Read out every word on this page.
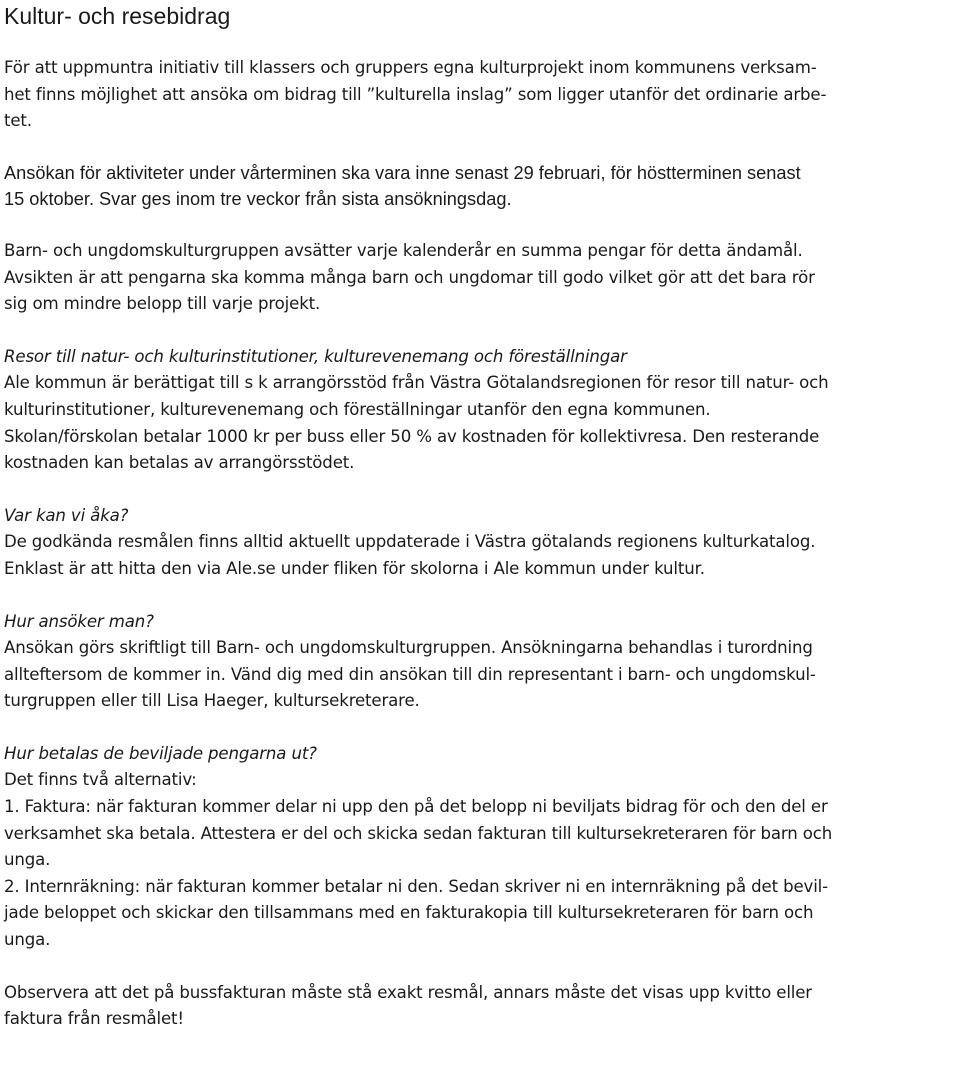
Kultur- och resebidrag
För att uppmuntra initiativ till klassers och gruppers egna kulturprojekt inom kommunens verksam-
het finns möjlighet att ansöka om bidrag till ”kulturella inslag” som ligger utanför det ordinarie arbe-
tet.
Ansökan för aktiviteter under vårterminen ska vara inne senast 29 februari, för höstterminen senast
15 oktober. Svar ges inom tre veckor från sista ansökningsdag.
Barn- och ungdomskulturgruppen avsätter varje kalenderår en summa pengar för detta ändamål.
Avsikten är att pengarna ska komma många barn och ungdomar till godo vilket gör att det bara rör
sig om mindre belopp till varje projekt.
Resor till natur- och kulturinstitutioner, kulturevenemang och föreställningar
Ale kommun är berättigat till s k arrangörsstöd från Västra Götalandsregionen för resor till natur- och
kulturinstitutioner, kulturevenemang och föreställningar utanför den egna kommunen.
Skolan/förskolan betalar 1000 kr per buss eller 50 % av kostnaden för kollektivresa. Den resterande
kostnaden kan betalas av arrangörsstödet.
Var kan vi åka?
De godkända resmålen finns alltid aktuellt uppdaterade i Västra götalands regionens kulturkatalog.
Enklast är att hitta den via Ale.se under fliken för skolorna i Ale kommun under kultur.
Hur ansöker man?
Ansökan görs skriftligt till Barn- och ungdomskulturgruppen. Ansökningarna behandlas i turordning
allteftersom de kommer in. Vänd dig med din ansökan till din representant i barn- och ungdomskul-
turgruppen eller till Lisa Haeger, kultursekreterare.
Hur betalas de beviljade pengarna ut?
Det finns två alternativ:
1. Faktura: när fakturan kommer delar ni upp den på det belopp ni beviljats bidrag för och den del er
verksamhet ska betala. Attestera er del och skicka sedan fakturan till kultursekreteraren för barn och
unga.
2. Internräkning: när fakturan kommer betalar ni den. Sedan skriver ni en internräkning på det bevil-
jade beloppet och skickar den tillsammans med en fakturakopia till kultursekreteraren för barn och
unga.
Observera att det på bussfakturan måste stå exakt resmål, annars måste det visas upp kvitto eller
faktura från resmålet!
